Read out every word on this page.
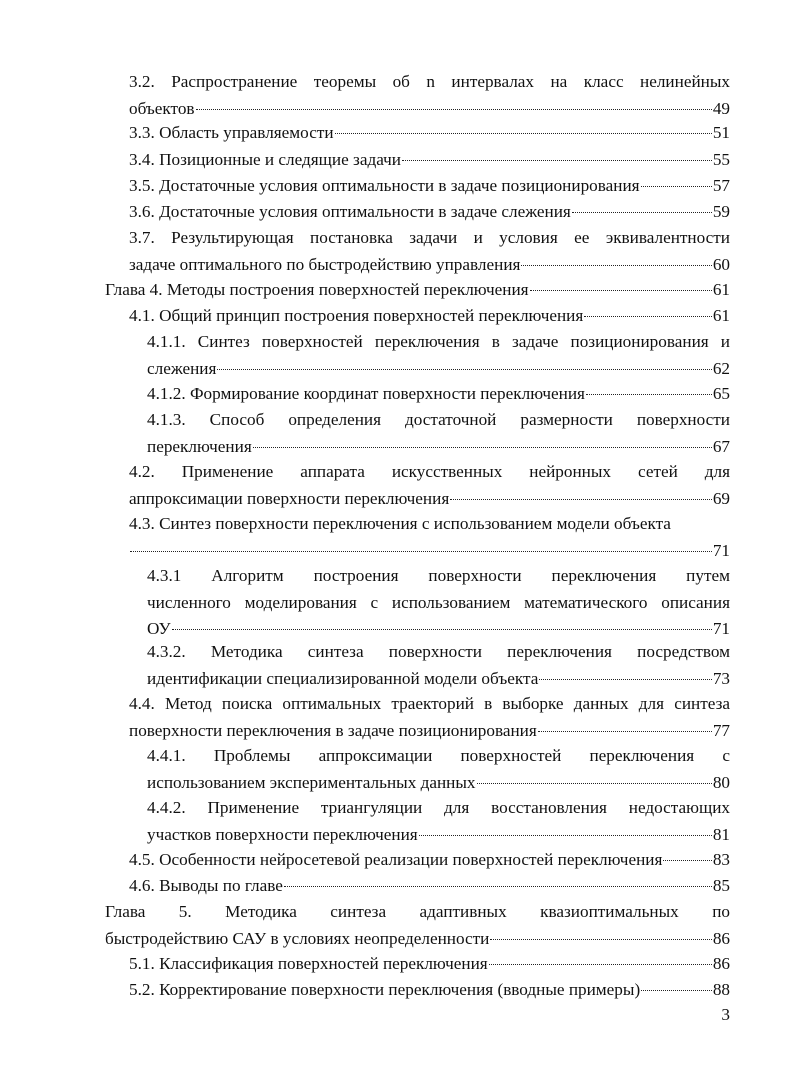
3.2. Распространение теоремы об n интервалах на класс нелинейных
объектов	49
3.3. Область управляемости	51
3.4. Позиционные и следящие задачи	55
3.5. Достаточные условия оптимальности в задаче позиционирования	57
3.6. Достаточные условия оптимальности в задаче слежения	59
3.7. Результирующая постановка задачи и условия ее эквивалентности
задаче оптимального по быстродействию управления	60
Глава 4. Методы построения поверхностей переключения	61
4.1. Общий принцип построения поверхностей переключения	61
4.1.1. Синтез поверхностей переключения в задаче позиционирования и
слежения	62
4.1.2. Формирование координат поверхности переключения	65
4.1.3. Способ определения достаточной размерности поверхности
переключения	67
4.2. Применение аппарата искусственных нейронных сетей для
аппроксимации поверхности переключения	69
4.3. Синтез поверхности переключения с использованием модели объекта
71
4.3.1 Алгоритм построения поверхности переключения путем
численного моделирования с использованием математического описания
ОУ	71
4.3.2. Методика синтеза поверхности переключения посредством
идентификации специализированной модели объекта	73
4.4. Метод поиска оптимальных траекторий в выборке данных для синтеза
поверхности переключения в задаче позиционирования	77
4.4.1. Проблемы аппроксимации поверхностей переключения с
использованием экспериментальных данных	80
4.4.2. Применение триангуляции для восстановления недостающих
участков поверхности переключения	81
4.5. Особенности нейросетевой реализации поверхностей переключения	83
4.6. Выводы по главе	85
Глава 5. Методика синтеза адаптивных квазиоптимальных по
быстродействию САУ в условиях неопределенности	86
5.1. Классификация поверхностей переключения	86
5.2. Корректирование поверхности переключения (вводные примеры)	88
3
